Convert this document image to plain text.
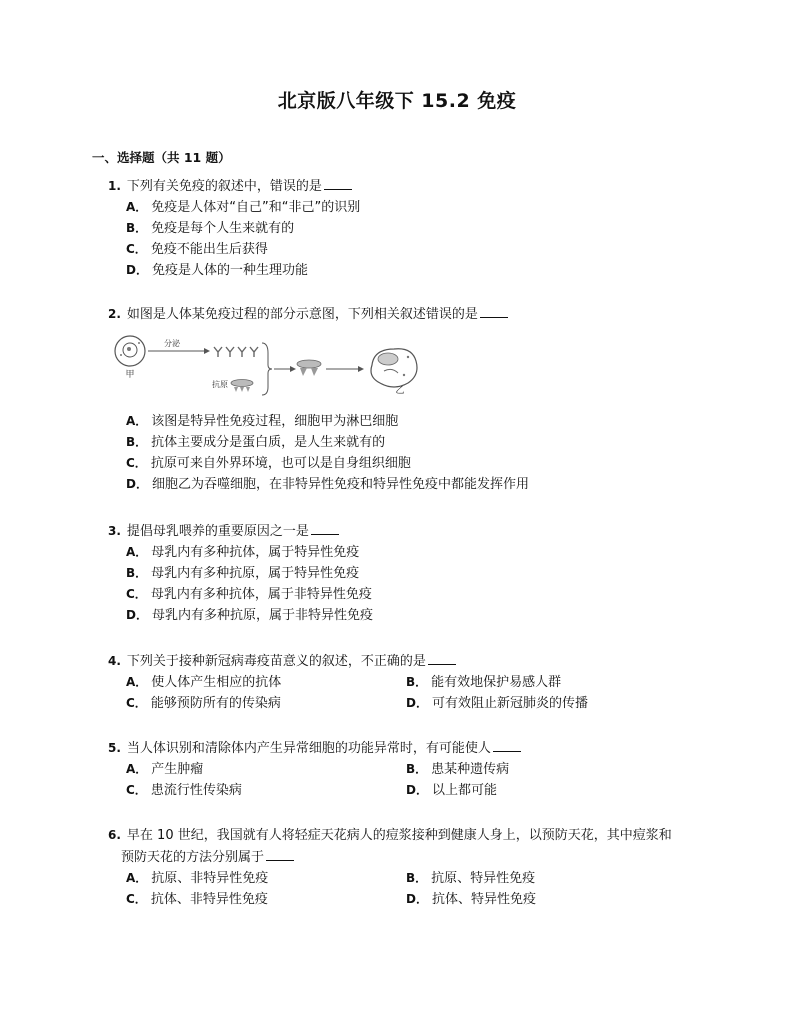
北京版八年级下 15.2 免疫
一、选择题（共 11 题）
1. 下列有关免疫的叙述中，错误的是
A． 免疫是人体对“自己”和“非己”的识别
B． 免疫是每个人生来就有的
C． 免疫不能出生后获得
D． 免疫是人体的一种生理功能
2. 如图是人体某免疫过程的部分示意图，下列相关叙述错误的是
甲
分泌
抗原
乙
A． 该图是特异性免疫过程，细胞甲为淋巴细胞
B． 抗体主要成分是蛋白质，是人生来就有的
C． 抗原可来自外界环境，也可以是自身组织细胞
D． 细胞乙为吞噬细胞，在非特异性免疫和特异性免疫中都能发挥作用
3. 提倡母乳喂养的重要原因之一是
A． 母乳内有多种抗体，属于特异性免疫
B． 母乳内有多种抗原，属于特异性免疫
C． 母乳内有多种抗体，属于非特异性免疫
D． 母乳内有多种抗原，属于非特异性免疫
4. 下列关于接种新冠病毒疫苗意义的叙述，不正确的是
A． 使人体产生相应的抗体	B． 能有效地保护易感人群
C． 能够预防所有的传染病	D． 可有效阻止新冠肺炎的传播
5. 当人体识别和清除体内产生异常细胞的功能异常时，有可能使人
A． 产生肿瘤	B． 患某种遗传病
C． 患流行性传染病	D． 以上都可能
6. 早在 10 世纪，我国就有人将轻症天花病人的痘浆接种到健康人身上，以预防天花，其中痘浆和
预防天花的方法分别属于
A． 抗原、非特异性免疫	B． 抗原、特异性免疫
C． 抗体、非特异性免疫	D． 抗体、特异性免疫
